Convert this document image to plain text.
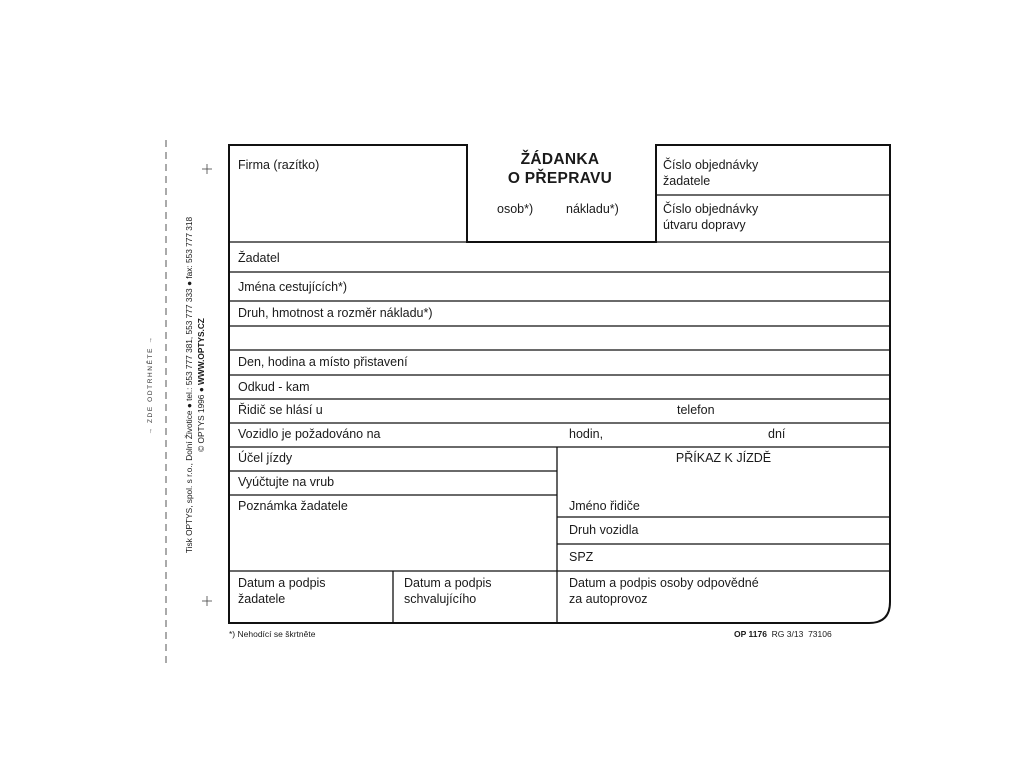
→ ZDE ODTRHNĚTE →	Tisk OPTYS, spol. s r.o., Dolní Životice ● tel.: 553 777 381, 553 777 333 ● fax: 553 777 318 © OPTYS 1996 ● WWW.OPTYS.CZ
ŽÁDANKA
O PŘEPRAVU
osob*)	nákladu*)
Firma (razítko)	Číslo objednávky
žadatele
Číslo objednávky
útvaru dopravy
Žadatel
Jména cestujících*)
Druh, hmotnost a rozměr nákladu*)
Den, hodina a místo přistavení
Odkud - kam
Řidič se hlásí u	telefon
Vozidlo je požadováno na	hodin,	dní
Účel jízdy
Vyúčtujte na vrub
Poznámka žadatele
PŘÍKAZ K JÍZDĚ
Jméno řidiče
Druh vozidla
SPZ
Datum a podpis
žadatele
Datum a podpis
schvalujícího
Datum a podpis osoby odpovědné
za autoprovoz
*) Nehodící se škrtněte	OP 1176 RG 3/13 73106
